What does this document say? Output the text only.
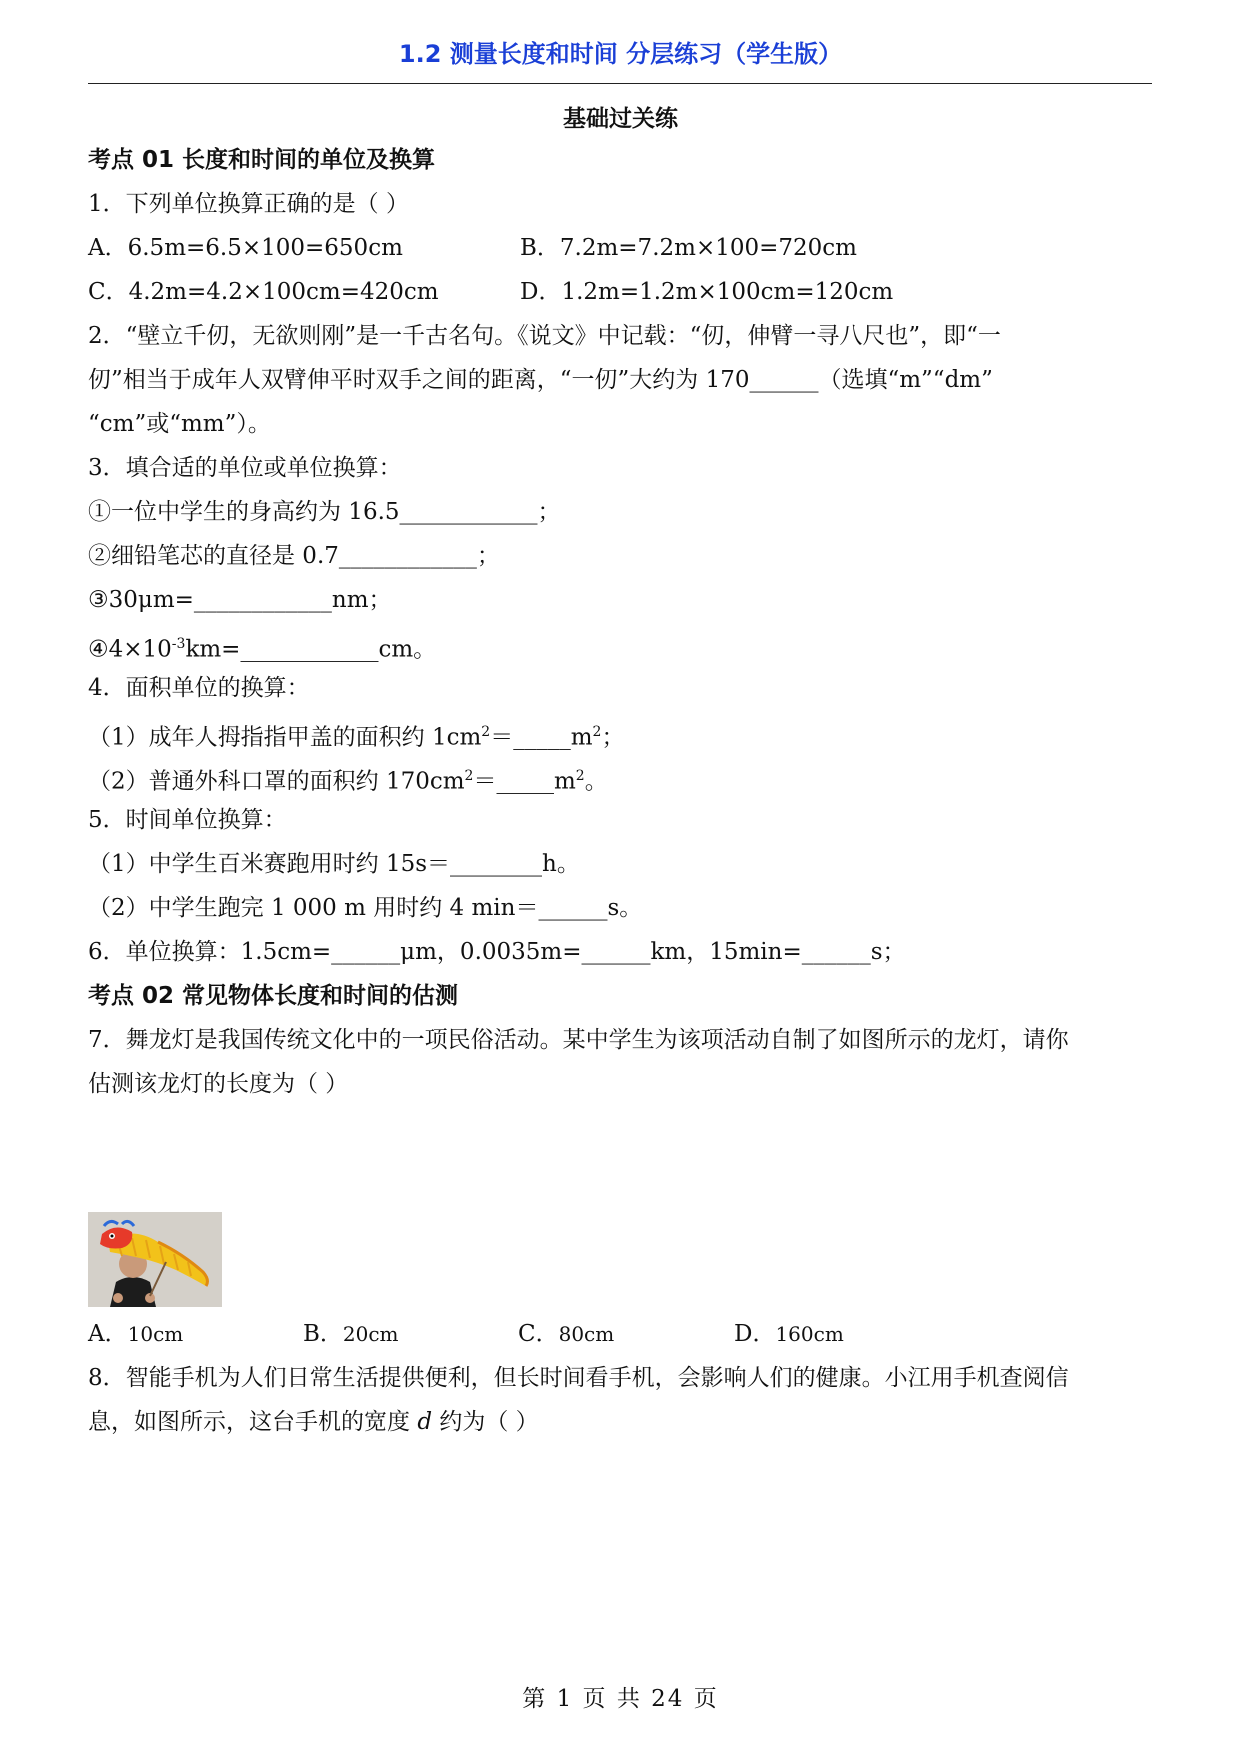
1.2 测量长度和时间 分层练习（学生版）
基础过关练
考点 01 长度和时间的单位及换算
1．下列单位换算正确的是（ ）
A．6.5m=6.5×100=650cm	B．7.2m=7.2m×100=720cm
C．4.2m=4.2×100cm=420cm	D．1.2m=1.2m×100cm=120cm
2．“壁立千仞，无欲则刚”是一千古名句。《说文》中记载：“仞，伸臂一寻八尺也”，即“一
仞”相当于成年人双臂伸平时双手之间的距离，“一仞”大约为 170______（选填“m”“dm”
“cm”或“mm”）。
3．填合适的单位或单位换算：
①一位中学生的身高约为 16.5____________；
②细铅笔芯的直径是 0.7____________；
③30μm=____________nm；
$④4\times 10^{-3}km=\_\_\_\_\_\_\_\_\_\_\_\_cm$。
4．面积单位的换算：
（1）成年人拇指指甲盖的面积约 $1cm^2=\_\_\_\_\_m^2$；
（2）普通外科口罩的面积约 $170cm^2=\_\_\_\_\_m^2$。
5．时间单位换算：
（1）中学生百米赛跑用时约 15s＝________h。
（2）中学生跑完 1 000 m 用时约 4 min＝______s。
6．单位换算：1.5cm=______μm，0.0035m=______km，15min=______s；
考点 02 常见物体长度和时间的估测
7．舞龙灯是我国传统文化中的一项民俗活动。某中学生为该项活动自制了如图所示的龙灯，请你
估测该龙灯的长度为（ ）
A．10cm	B．20cm	C．80cm	D．160cm
8．智能手机为人们日常生活提供便利，但长时间看手机，会影响人们的健康。小江用手机查阅信
息，如图所示，这台手机的宽度 d 约为（ ）
第 1 页 共 24 页
